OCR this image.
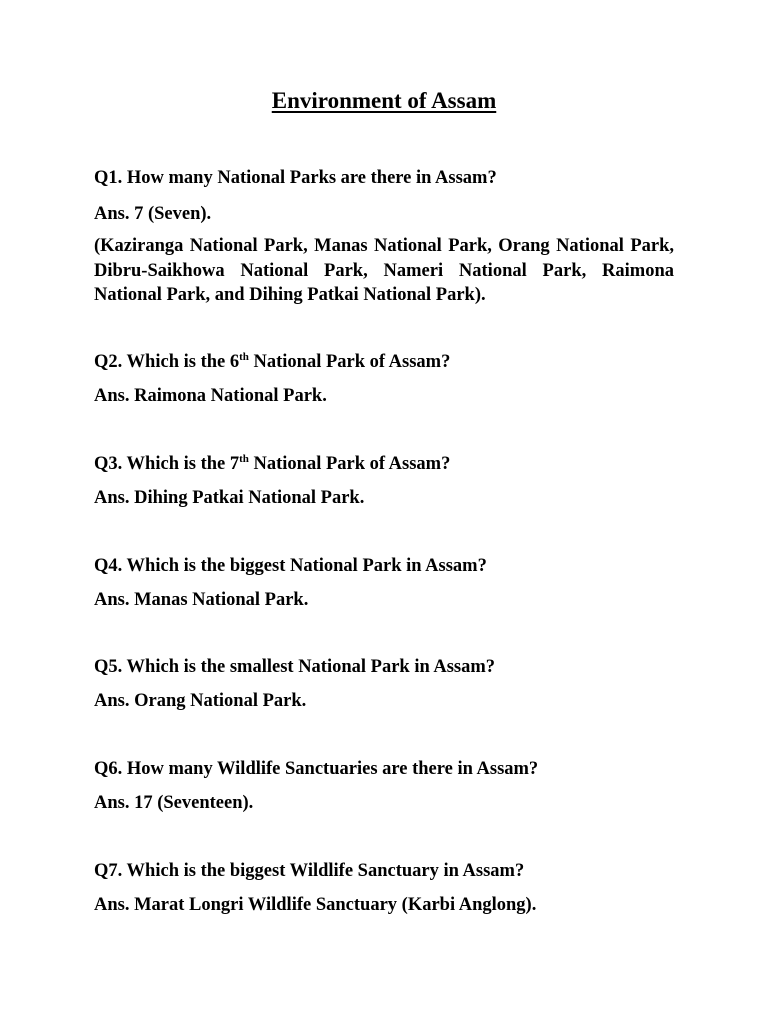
Environment of Assam
Q1. How many National Parks are there in Assam?
Ans. 7 (Seven).
(Kaziranga National Park, Manas National Park, Orang National Park, Dibru-Saikhowa National Park, Nameri National Park, Raimona National Park, and Dihing Patkai National Park).
Q2. Which is the 6th National Park of Assam?
Ans. Raimona National Park.
Q3. Which is the 7th National Park of Assam?
Ans. Dihing Patkai National Park.
Q4. Which is the biggest National Park in Assam?
Ans. Manas National Park.
Q5. Which is the smallest National Park in Assam?
Ans. Orang National Park.
Q6. How many Wildlife Sanctuaries are there in Assam?
Ans. 17 (Seventeen).
Q7. Which is the biggest Wildlife Sanctuary in Assam?
Ans. Marat Longri Wildlife Sanctuary (Karbi Anglong).
